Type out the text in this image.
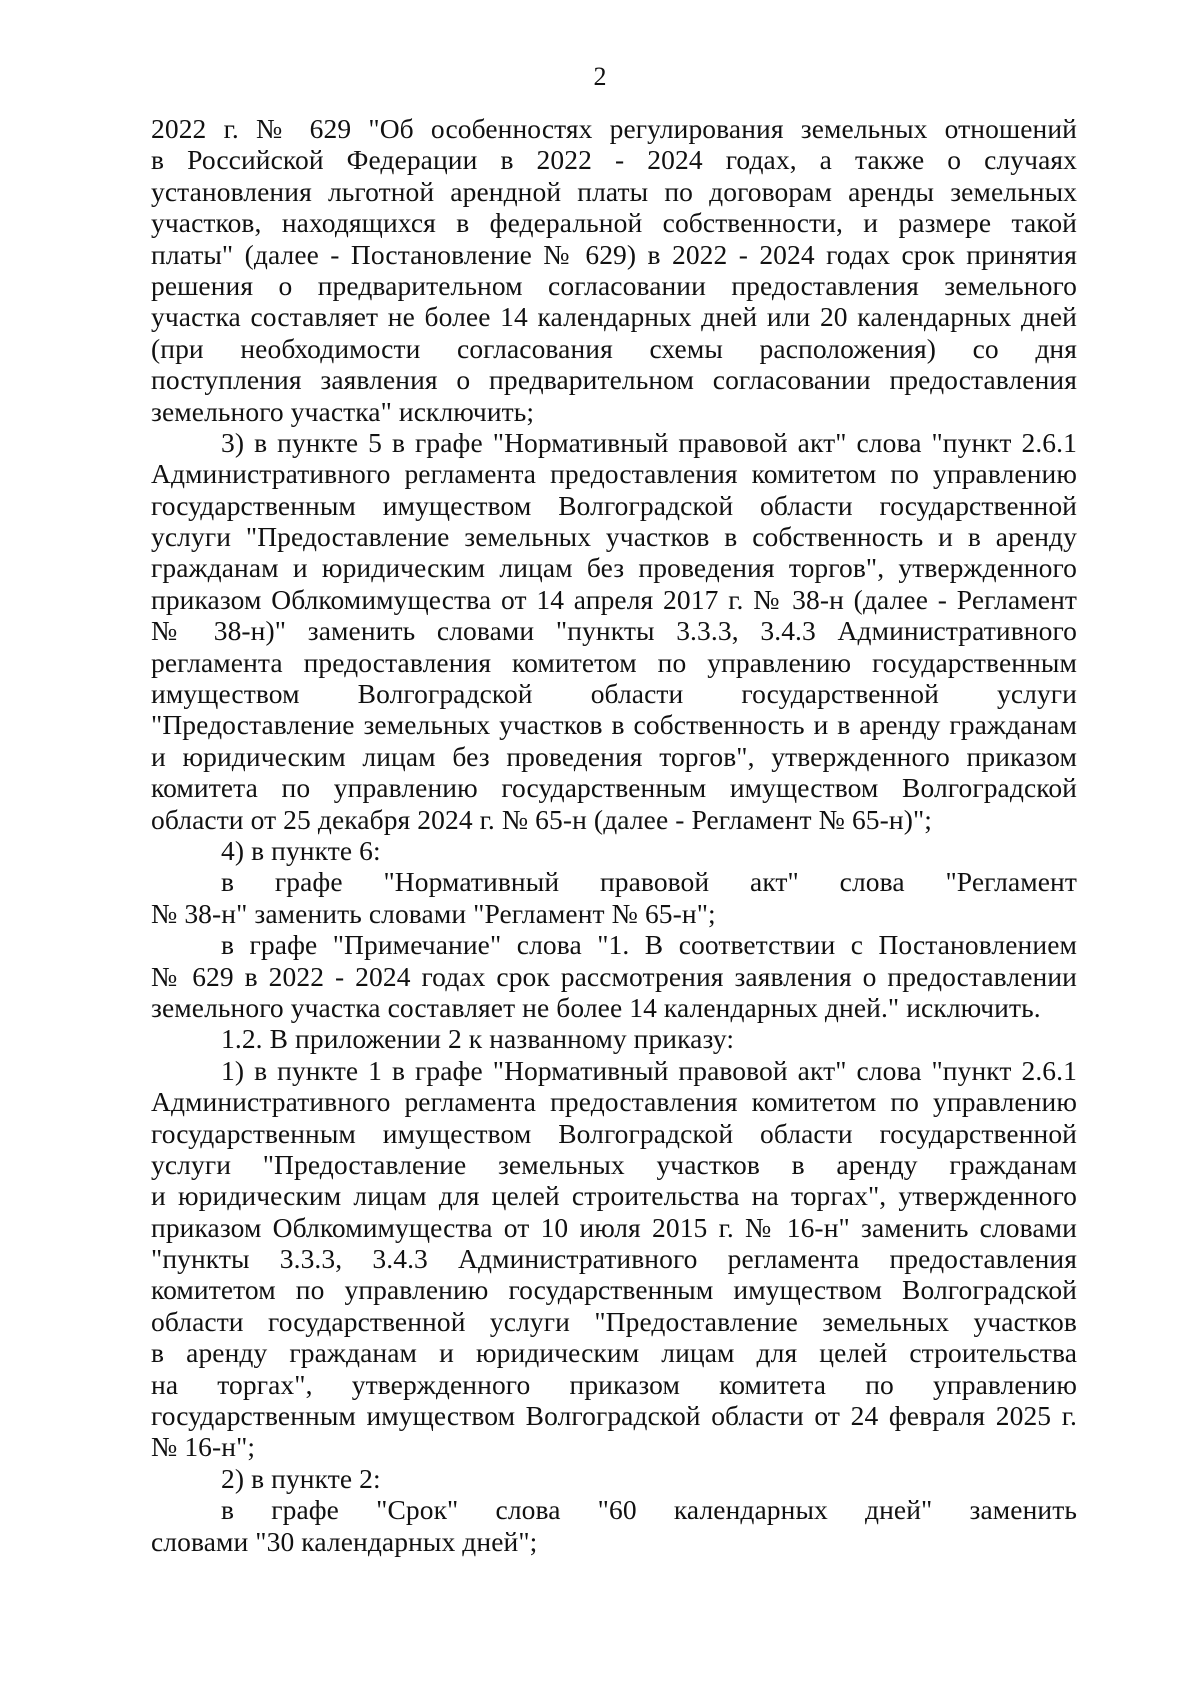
2
2022 г. № 629 "Об особенностях регулирования земельных отношений
в Российской Федерации в 2022 - 2024 годах, а также о случаях
установления льготной арендной платы по договорам аренды земельных
участков, находящихся в федеральной собственности, и размере такой
платы" (далее - Постановление № 629) в 2022 - 2024 годах срок принятия
решения о предварительном согласовании предоставления земельного
участка составляет не более 14 календарных дней или 20 календарных дней
(при необходимости согласования схемы расположения) со дня
поступления заявления о предварительном согласовании предоставления
земельного участка" исключить;
3) в пункте 5 в графе "Нормативный правовой акт" слова "пункт 2.6.1
Административного регламента предоставления комитетом по управлению
государственным имуществом Волгоградской области государственной
услуги "Предоставление земельных участков в собственность и в аренду
гражданам и юридическим лицам без проведения торгов", утвержденного
приказом Облкомимущества от 14 апреля 2017 г. № 38-н (далее - Регламент
№ 38-н)" заменить словами "пункты 3.3.3, 3.4.3 Административного
регламента предоставления комитетом по управлению государственным
имуществом Волгоградской области государственной услуги
"Предоставление земельных участков в собственность и в аренду гражданам
и юридическим лицам без проведения торгов", утвержденного приказом
комитета по управлению государственным имуществом Волгоградской
области от 25 декабря 2024 г. № 65-н (далее - Регламент № 65-н)";
4) в пункте 6:
в графе "Нормативный правовой акт" слова "Регламент
№ 38-н" заменить словами "Регламент № 65-н";
в графе "Примечание" слова "1. В соответствии с Постановлением
№ 629 в 2022 - 2024 годах срок рассмотрения заявления о предоставлении
земельного участка составляет не более 14 календарных дней." исключить.
1.2. В приложении 2 к названному приказу:
1) в пункте 1 в графе "Нормативный правовой акт" слова "пункт 2.6.1
Административного регламента предоставления комитетом по управлению
государственным имуществом Волгоградской области государственной
услуги "Предоставление земельных участков в аренду гражданам
и юридическим лицам для целей строительства на торгах", утвержденного
приказом Облкомимущества от 10 июля 2015 г. № 16-н" заменить словами
"пункты 3.3.3, 3.4.3 Административного регламента предоставления
комитетом по управлению государственным имуществом Волгоградской
области государственной услуги "Предоставление земельных участков
в аренду гражданам и юридическим лицам для целей строительства
на торгах", утвержденного приказом комитета по управлению
государственным имуществом Волгоградской области от 24 февраля 2025 г.
№ 16-н";
2) в пункте 2:
в графе "Срок" слова "60 календарных дней" заменить
словами "30 календарных дней";
